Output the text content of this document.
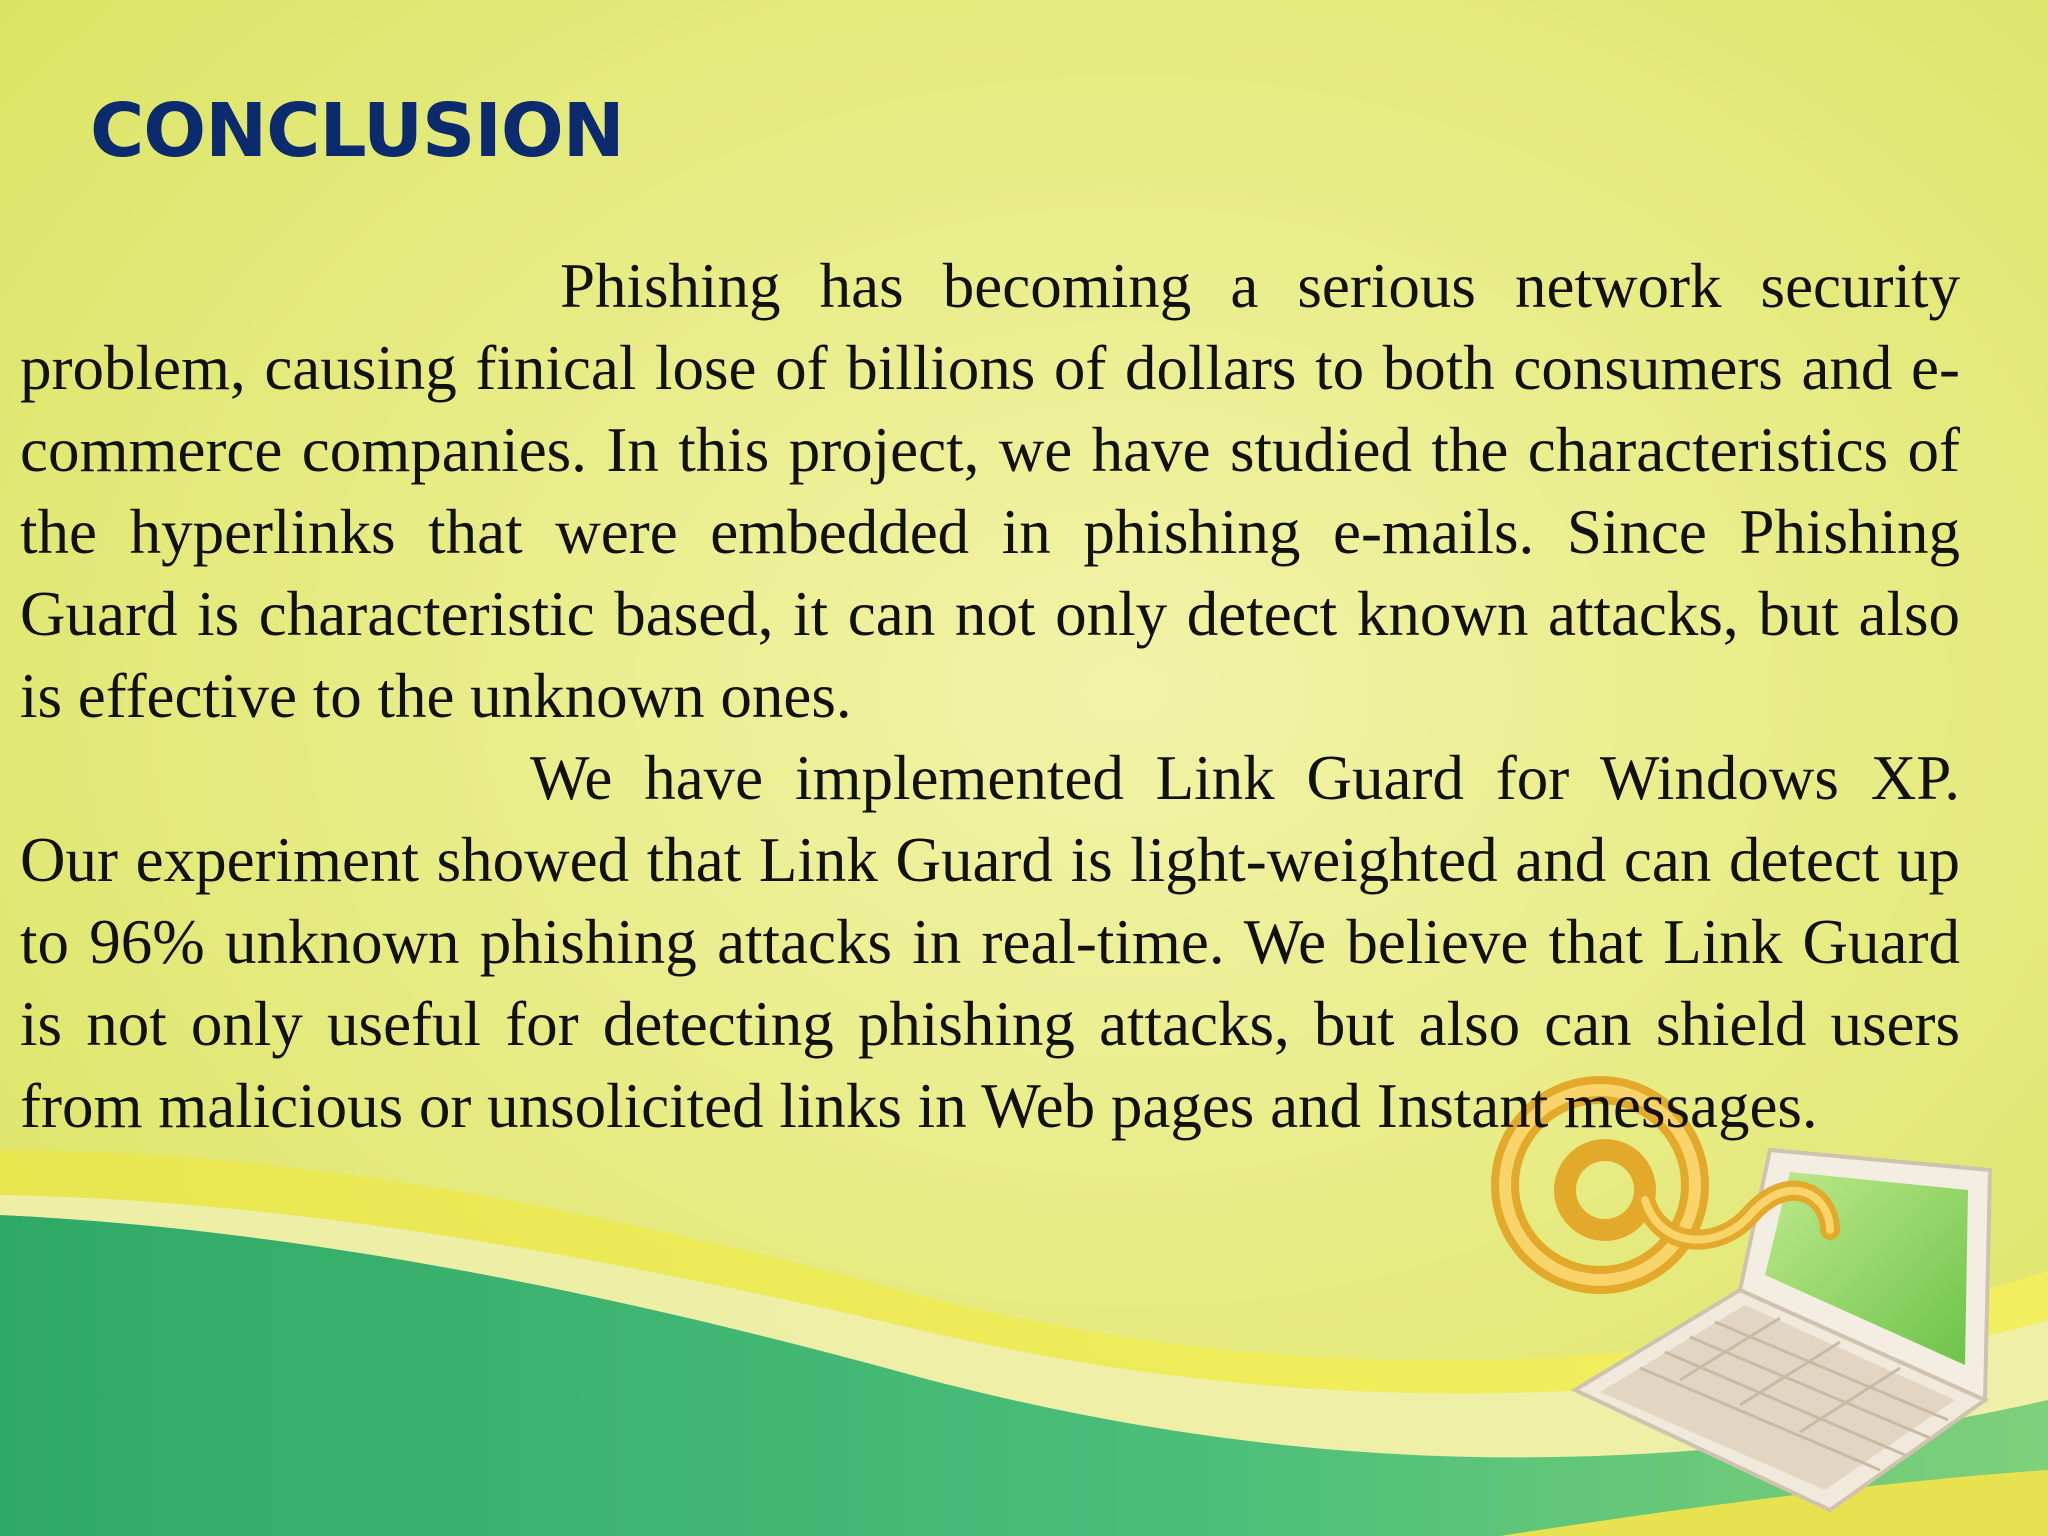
CONCLUSION

Phishing has becoming a serious network security problem, causing finical lose of billions of dollars to both consumers and e-commerce companies. In this project, we have studied the characteristics of the hyperlinks that were embedded in phishing e-mails. Since Phishing Guard is characteristic based, it can not only detect known attacks, but also is effective to the unknown ones.

We have implemented Link Guard for Windows XP. Our experiment showed that Link Guard is light-weighted and can detect up to 96% unknown phishing attacks in real-time. We believe that Link Guard is not only useful for detecting phishing attacks, but also can shield users from malicious or unsolicited links in Web pages and Instant messages.
